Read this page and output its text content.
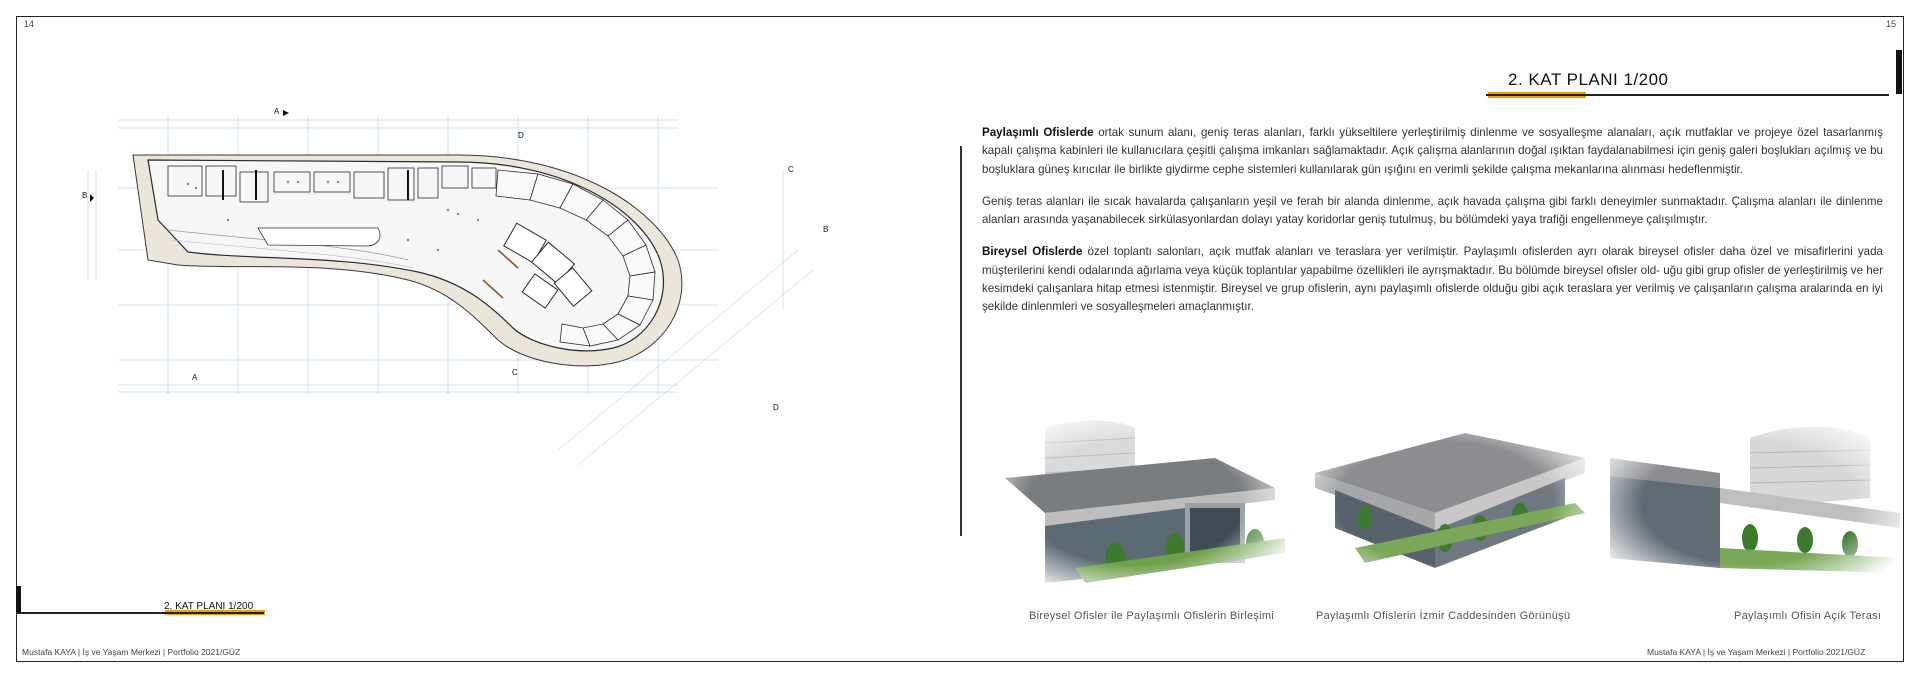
14	15
A
A
B
B
C
C
D
D
2. KAT PLANI 1/200

Paylaşımlı Ofislerde ortak sunum alanı, geniş teras alanları, farklı yükseltilere yerleştirilmiş dinlenme ve sosyalleşme alanaları, açık mutfaklar ve projeye özel tasarlanmış kapalı çalışma kabinleri ile kullanıcılara çeşitli çalışma imkanları sağlamaktadır. Açık çalışma alanlarının doğal ışıktan faydalanabilmesi için geniş galeri boşlukları açılmış ve bu boşluklara güneş kırıcılar ile birlikte giydirme cephe sistemleri kullanılarak gün ışığını en verimli şekilde çalışma mekanlarına alınması hedeflenmiştir.

Geniş teras alanları ile sıcak havalarda çalışanların yeşil ve ferah bir alanda dinlenme, açık havada çalışma gibi farklı deneyimler sunmaktadır. Çalışma alanları ile dinlenme alanları arasında yaşanabilecek sirkülasyonlardan dolayı yatay koridorlar geniş tutulmuş, bu bölümdeki yaya trafiği engellenmeye çalışılmıştır.

Bireysel Ofislerde özel toplantı salonları, açık mutfak alanları ve teraslara yer verilmiştir. Paylaşımlı ofislerden ayrı olarak bireysel ofisler daha özel ve misafirlerini yada müşterilerini kendi odalarında ağırlama veya küçük toplantılar yapabilme özellikleri ile ayrışmaktadır. Bu bölümde bireysel ofisler old- uğu gibi grup ofisler de yerleştirilmiş ve her kesimdeki çalışanlara hitap etmesi istenmiştir. Bireysel ve grup ofislerin, aynı paylaşımlı ofislerde olduğu gibi açık teraslara yer verilmiş ve çalışanların çalışma aralarında en iyi şekilde dinlenmleri ve sosyalleşmeleri amaçlanmıştır.

Bireysel Ofisler ile Paylaşımlı Ofislerin Birleşimi	Paylaşımlı Ofislerin İzmir Caddesinden Görünüşü	Paylaşımlı Ofisin Açık Terası
2. KAT PLANI 1/200
Mustafa KAYA | İş ve Yaşam Merkezi | Portfolio 2021/GÜZ	Mustafa KAYA | İş ve Yaşam Merkezi | Portfolio 2021/GÜZ
